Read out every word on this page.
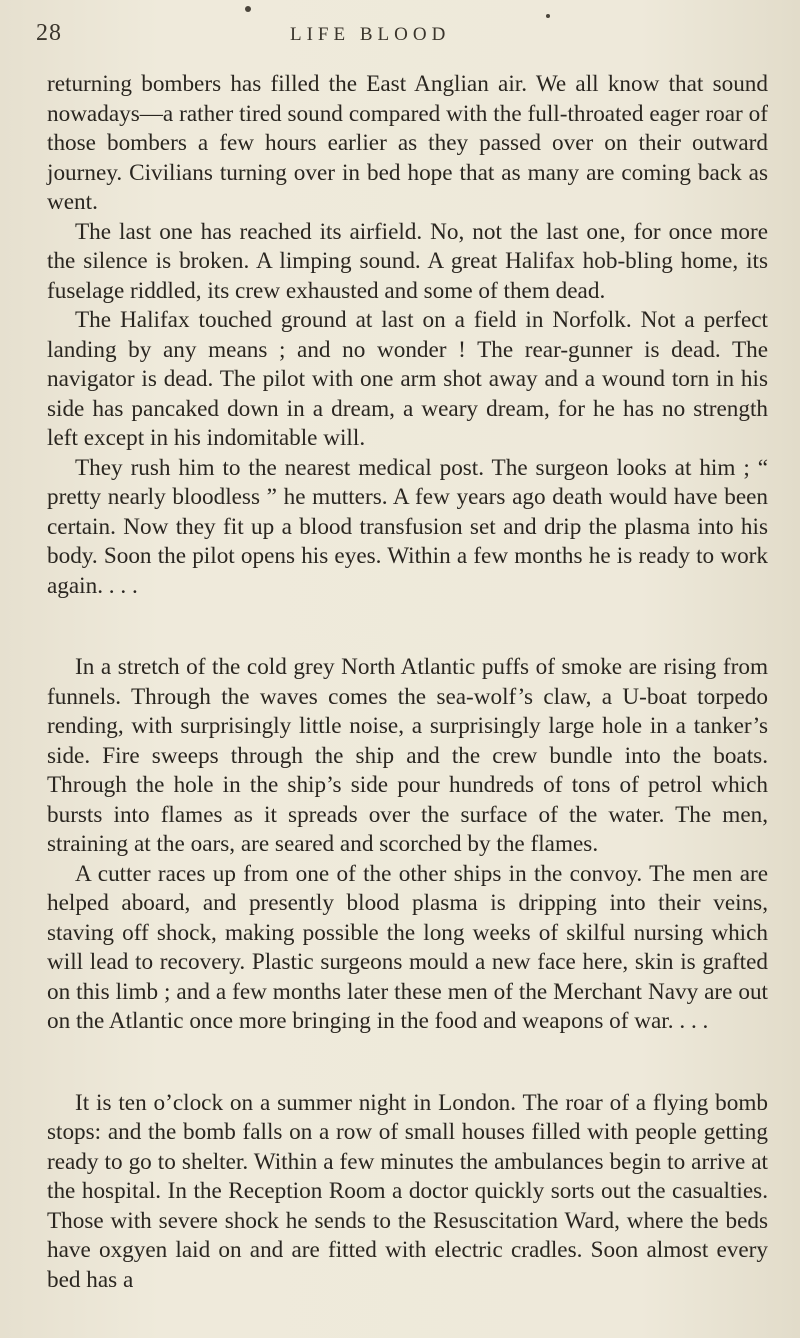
28	LIFE BLOOD

returning bombers has filled the East Anglian air. We all know that sound nowadays—a rather tired sound compared with the full-throated eager roar of those bombers a few hours earlier as they passed over on their outward journey. Civilians turning over in bed hope that as many are coming back as went.

The last one has reached its airfield. No, not the last one, for once more the silence is broken. A limping sound. A great Halifax hob-bling home, its fuselage riddled, its crew exhausted and some of them dead.

The Halifax touched ground at last on a field in Norfolk. Not a perfect landing by any means ; and no wonder ! The rear-gunner is dead. The navigator is dead. The pilot with one arm shot away and a wound torn in his side has pancaked down in a dream, a weary dream, for he has no strength left except in his indomitable will.

They rush him to the nearest medical post. The surgeon looks at him ; “ pretty nearly bloodless ” he mutters. A few years ago death would have been certain. Now they fit up a blood transfusion set and drip the plasma into his body. Soon the pilot opens his eyes. Within a few months he is ready to work again. . . .

In a stretch of the cold grey North Atlantic puffs of smoke are rising from funnels. Through the waves comes the sea-wolf’s claw, a U-boat torpedo rending, with surprisingly little noise, a surprisingly large hole in a tanker’s side. Fire sweeps through the ship and the crew bundle into the boats. Through the hole in the ship’s side pour hundreds of tons of petrol which bursts into flames as it spreads over the surface of the water. The men, straining at the oars, are seared and scorched by the flames.

A cutter races up from one of the other ships in the convoy. The men are helped aboard, and presently blood plasma is dripping into their veins, staving off shock, making possible the long weeks of skilful nursing which will lead to recovery. Plastic surgeons mould a new face here, skin is grafted on this limb ; and a few months later these men of the Merchant Navy are out on the Atlantic once more bringing in the food and weapons of war. . . .

It is ten o’clock on a summer night in London. The roar of a flying bomb stops: and the bomb falls on a row of small houses filled with people getting ready to go to shelter. Within a few minutes the ambulances begin to arrive at the hospital. In the Reception Room a doctor quickly sorts out the casualties. Those with severe shock he sends to the Resuscitation Ward, where the beds have oxgyen laid on and are fitted with electric cradles. Soon almost every bed has a
